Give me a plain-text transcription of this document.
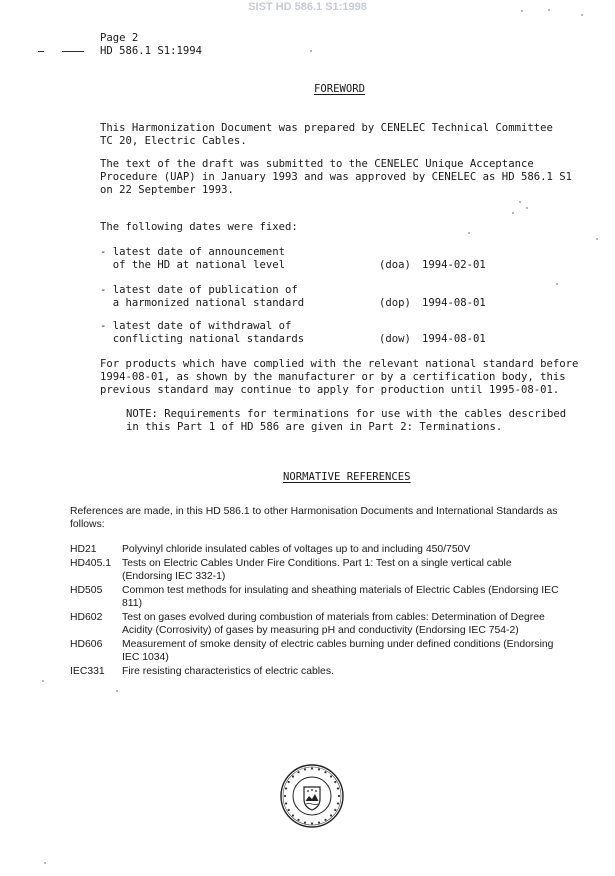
SIST HD 586.1 S1:1998
Page 2
HD 586.1 S1:1994
FOREWORD
This Harmonization Document was prepared by CENELEC Technical Committee
TC 20, Electric Cables.
The text of the draft was submitted to the CENELEC Unique Acceptance
Procedure (UAP) in January 1993 and was approved by CENELEC as HD 586.1 S1
on 22 September 1993.
The following dates were fixed:
- latest date of announcement
of the HD at national level	(doa) 1994-02-01
- latest date of publication of
a harmonized national standard	(dop) 1994-08-01
- latest date of withdrawal of
conflicting national standards	(dow) 1994-08-01
For products which have complied with the relevant national standard before
1994-08-01, as shown by the manufacturer or by a certification body, this
previous standard may continue to apply for production until 1995-08-01.
NOTE: Requirements for terminations for use with the cables described
in this Part 1 of HD 586 are given in Part 2: Terminations.
NORMATIVE REFERENCES
References are made, in this HD 586.1 to other Harmonisation Documents and International Standards as follows:
HD21 Polyvinyl chloride insulated cables of voltages up to and including 450/750V
HD405.1 Tests on Electric Cables Under Fire Conditions. Part 1: Test on a single vertical cable (Endorsing IEC 332-1)
HD505 Common test methods for insulating and sheathing materials of Electric Cables (Endorsing IEC 811)
HD602 Test on gases evolved during combustion of materials from cables: Determination of Degree Acidity (Corrosivity) of gases by measuring pH and conductivity (Endorsing IEC 754-2)
HD606 Measurement of smoke density of electric cables burning under defined conditions (Endorsing IEC 1034)
IEC331 Fire resisting characteristics of electric cables.
